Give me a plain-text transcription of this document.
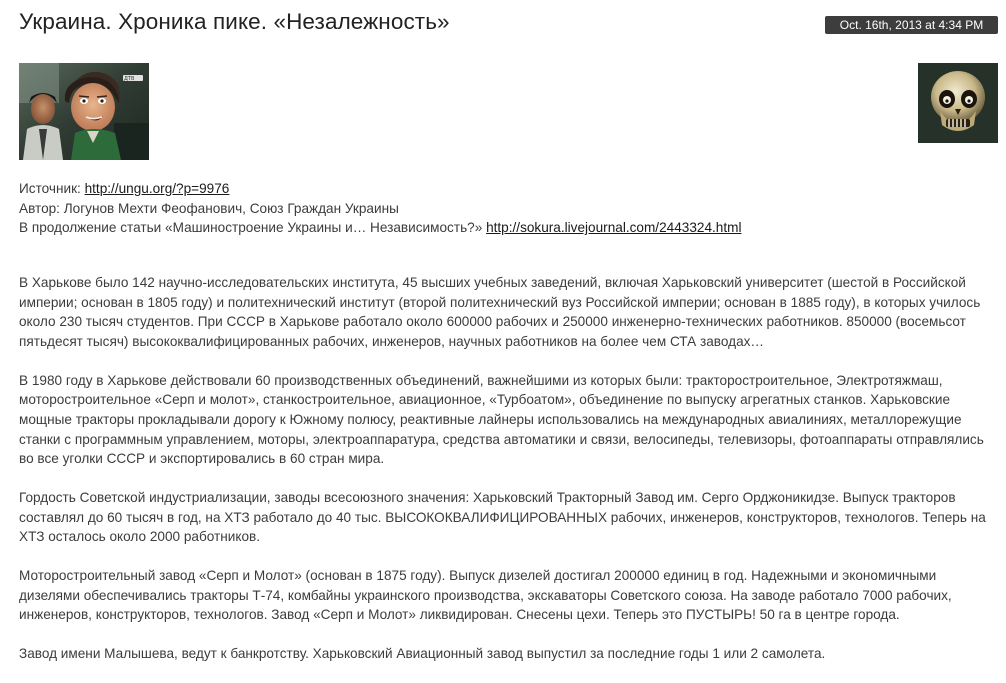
Украина. Хроника пике. «Незалежность»	Oct. 16th, 2013 at 4:34 PM
ДТВ
Источник: http://ungu.org/?p=9976
Автор: Логунов Мехти Феофанович, Союз Граждан Украины
В продолжение статьи «Машиностроение Украины и… Независимость?» http://sokura.livejournal.com/2443324.html

В Харькове было 142 научно-исследовательских института, 45 высших учебных заведений, включая Харьковский университет (шестой в Российской империи; основан в 1805 году) и политехнический институт (второй политехнический вуз Российской империи; основан в 1885 году), в которых училось около 230 тысяч студентов. При СССР в Харькове работало около 600000 рабочих и 250000 инженерно-технических работников. 850000 (восемьсот пятьдесят тысяч) высококвалифицированных рабочих, инженеров, научных работников на более чем СТА заводах…

В 1980 году в Харькове действовали 60 производственных объединений, важнейшими из которых были: тракторостроительное, Электротяжмаш, моторостроительное «Серп и молот», станкостроительное, авиационное, «Турбоатом», объединение по выпуску агрегатных станков. Харьковские мощные тракторы прокладывали дорогу к Южному полюсу, реактивные лайнеры использовались на международных авиалиниях, металлорежущие станки с программным управлением, моторы, электроаппаратура, средства автоматики и связи, велосипеды, телевизоры, фотоаппараты отправлялись во все уголки СССР и экспортировались в 60 стран мира.

Гордость Советской индустриализации, заводы всесоюзного значения: Харьковский Тракторный Завод им. Серго Орджоникидзе. Выпуск тракторов составлял до 60 тысяч в год, на ХТЗ работало до 40 тыс. ВЫСОКОКВАЛИФИЦИРОВАННЫХ рабочих, инженеров, конструкторов, технологов. Теперь на ХТЗ осталось около 2000 работников.

Моторостроительный завод «Серп и Молот» (основан в 1875 году). Выпуск дизелей достигал 200000 единиц в год. Надежными и экономичными дизелями обеспечивались тракторы Т-74, комбайны украинского производства, экскаваторы Советского союза. На заводе работало 7000 рабочих, инженеров, конструкторов, технологов. Завод «Серп и Молот» ликвидирован. Снесены цехи. Теперь это ПУСТЫРЬ! 50 га в центре города.

Завод имени Малышева, ведут к банкротству. Харьковский Авиационный завод выпустил за последние годы 1 или 2 самолета.
